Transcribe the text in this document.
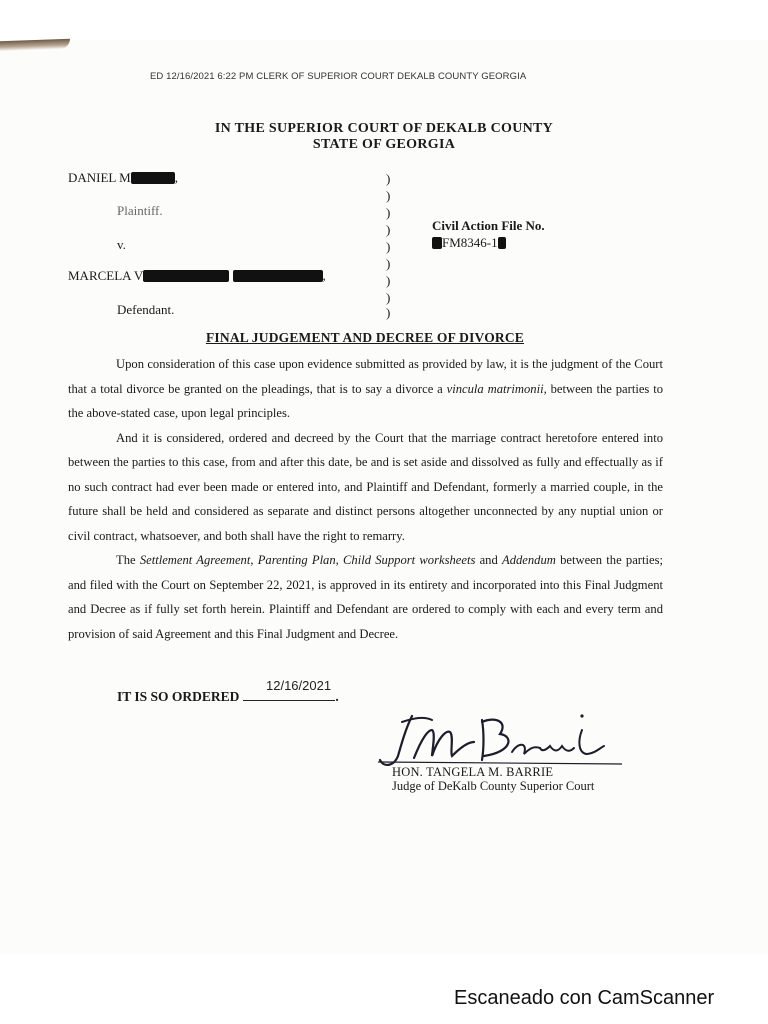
ED 12/16/2021 6:22 PM CLERK OF SUPERIOR COURT DEKALB COUNTY GEORGIA
IN THE SUPERIOR COURT OF DEKALB COUNTY
STATE OF GEORGIA
DANIEL M	,
Plaintiff.
v.
MARCELA V	,
Defendant.
)
)
)
)
)
)
)
)
)
Civil Action File No.
FM8346-1
FINAL JUDGEMENT AND DECREE OF DIVORCE

Upon consideration of this case upon evidence submitted as provided by law, it is the judgment of the Court that a total divorce be granted on the pleadings, that is to say a divorce a vincula matrimonii, between the parties to the above-stated case, upon legal principles.

And it is considered, ordered and decreed by the Court that the marriage contract heretofore entered into between the parties to this case, from and after this date, be and is set aside and dissolved as fully and effectually as if no such contract had ever been made or entered into, and Plaintiff and Defendant, formerly a married couple, in the future shall be held and considered as separate and distinct persons altogether unconnected by any nuptial union or civil contract, whatsoever, and both shall have the right to remarry.

The Settlement Agreement, Parenting Plan, Child Support worksheets and Addendum between the parties; and filed with the Court on September 22, 2021, is approved in its entirety and incorporated into this Final Judgment and Decree as if fully set forth herein. Plaintiff and Defendant are ordered to comply with each and every term and provision of said Agreement and this Final Judgment and Decree.

IT IS SO ORDERED	.
12/16/2021
HON. TANGELA M. BARRIE
Judge of DeKalb County Superior Court
Escaneado con CamScanner
